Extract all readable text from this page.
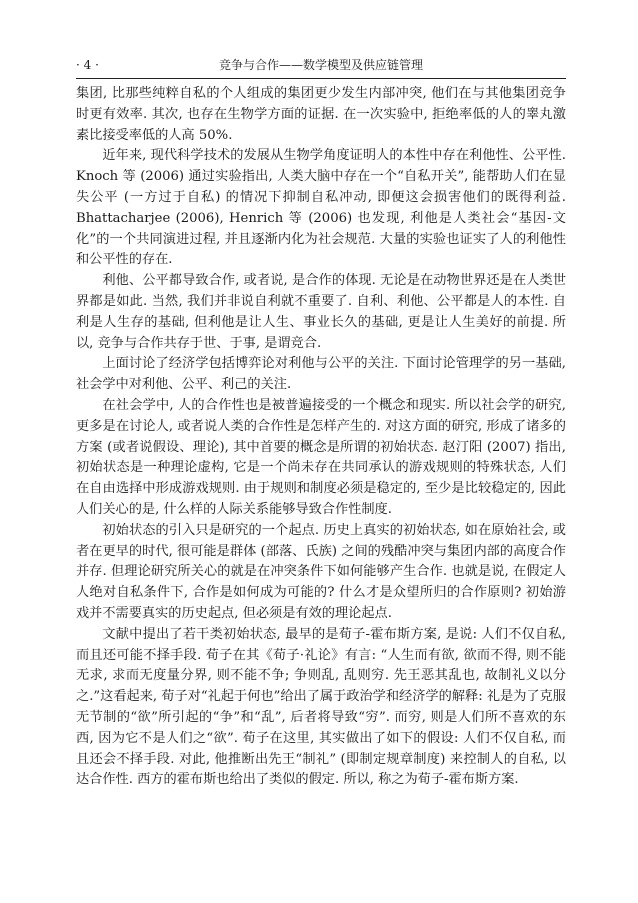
· 4 ·	竞争与合作——数学模型及供应链管理

集团, 比那些纯粹自私的个人组成的集团更少发生内部冲突, 他们在与其他集团竞争时更有效率. 其次, 也存在生物学方面的证据. 在一次实验中, 拒绝率低的人的睾丸激素比接受率低的人高 50%.

近年来, 现代科学技术的发展从生物学角度证明人的本性中存在利他性、公平性. Knoch 等 (2006) 通过实验指出, 人类大脑中存在一个“自私开关”, 能帮助人们在显失公平 (一方过于自私) 的情况下抑制自私冲动, 即便这会损害他们的既得利益. Bhattacharjee (2006), Henrich 等 (2006) 也发现, 利他是人类社会“基因-文化”的一个共同演进过程, 并且逐渐内化为社会规范. 大量的实验也证实了人的利他性和公平性的存在.

利他、公平都导致合作, 或者说, 是合作的体现. 无论是在动物世界还是在人类世界都是如此. 当然, 我们并非说自利就不重要了. 自利、利他、公平都是人的本性. 自利是人生存的基础, 但利他是让人生、事业长久的基础, 更是让人生美好的前提. 所以, 竞争与合作共存于世、于事, 是谓竞合.

上面讨论了经济学包括博弈论对利他与公平的关注. 下面讨论管理学的另一基础, 社会学中对利他、公平、利己的关注.

在社会学中, 人的合作性也是被普遍接受的一个概念和现实. 所以社会学的研究, 更多是在讨论人, 或者说人类的合作性是怎样产生的. 对这方面的研究, 形成了诸多的方案 (或者说假设、理论), 其中首要的概念是所谓的初始状态. 赵汀阳 (2007) 指出, 初始状态是一种理论虚构, 它是一个尚未存在共同承认的游戏规则的特殊状态, 人们在自由选择中形成游戏规则. 由于规则和制度必须是稳定的, 至少是比较稳定的, 因此人们关心的是, 什么样的人际关系能够导致合作性制度.

初始状态的引入只是研究的一个起点. 历史上真实的初始状态, 如在原始社会, 或者在更早的时代, 很可能是群体 (部落、氏族) 之间的残酷冲突与集团内部的高度合作并存. 但理论研究所关心的就是在冲突条件下如何能够产生合作. 也就是说, 在假定人人绝对自私条件下, 合作是如何成为可能的? 什么才是众望所归的合作原则? 初始游戏并不需要真实的历史起点, 但必须是有效的理论起点.

文献中提出了若干类初始状态, 最早的是荀子-霍布斯方案, 是说: 人们不仅自私, 而且还可能不择手段. 荀子在其《荀子·礼论》有言: “人生而有欲, 欲而不得, 则不能无求, 求而无度量分界, 则不能不争; 争则乱, 乱则穷. 先王恶其乱也, 故制礼义以分之.”这看起来, 荀子对“礼起于何也”给出了属于政治学和经济学的解释: 礼是为了克服无节制的“欲”所引起的“争”和“乱”, 后者将导致“穷”. 而穷, 则是人们所不喜欢的东西, 因为它不是人们之“欲”. 荀子在这里, 其实做出了如下的假设: 人们不仅自私, 而且还会不择手段. 对此, 他推断出先王“制礼” (即制定规章制度) 来控制人的自私, 以达合作性. 西方的霍布斯也给出了类似的假定. 所以, 称之为荀子-霍布斯方案.
